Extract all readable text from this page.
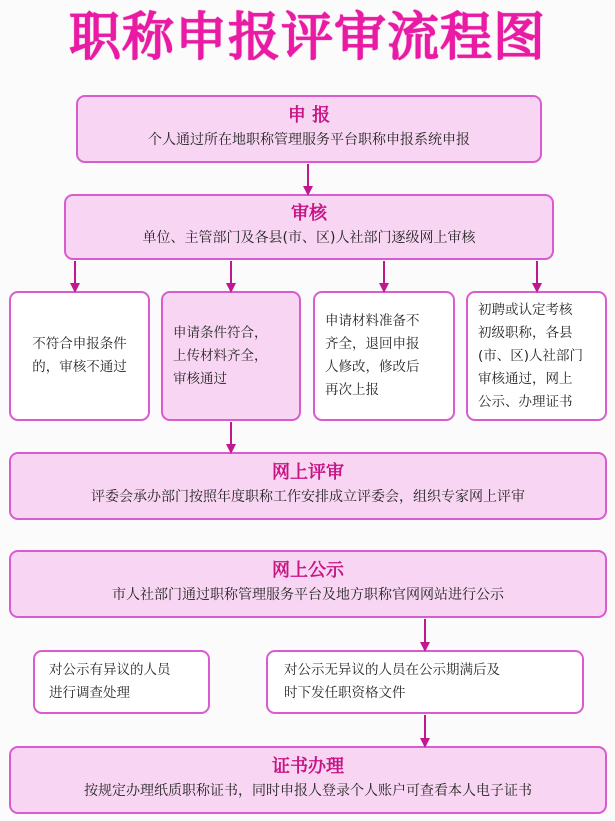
职称申报评审流程图
申 报
个人通过所在地职称管理服务平台职称申报系统申报
审核
单位、主管部门及各县(市、区)人社部门逐级网上审核
不符合申报条件
的，审核不通过
申请条件符合，
上传材料齐全，
审核通过
申请材料准备不
齐全，退回申报
人修改，修改后
再次上报
初聘或认定考核
初级职称，各县
(市、区)人社部门
审核通过，网上
公示、办理证书
网上评审
评委会承办部门按照年度职称工作安排成立评委会，组织专家网上评审
网上公示
市人社部门通过职称管理服务平台及地方职称官网网站进行公示
对公示有异议的人员
进行调查处理
对公示无异议的人员在公示期满后及
时下发任职资格文件
证书办理
按规定办理纸质职称证书，同时申报人登录个人账户可查看本人电子证书
